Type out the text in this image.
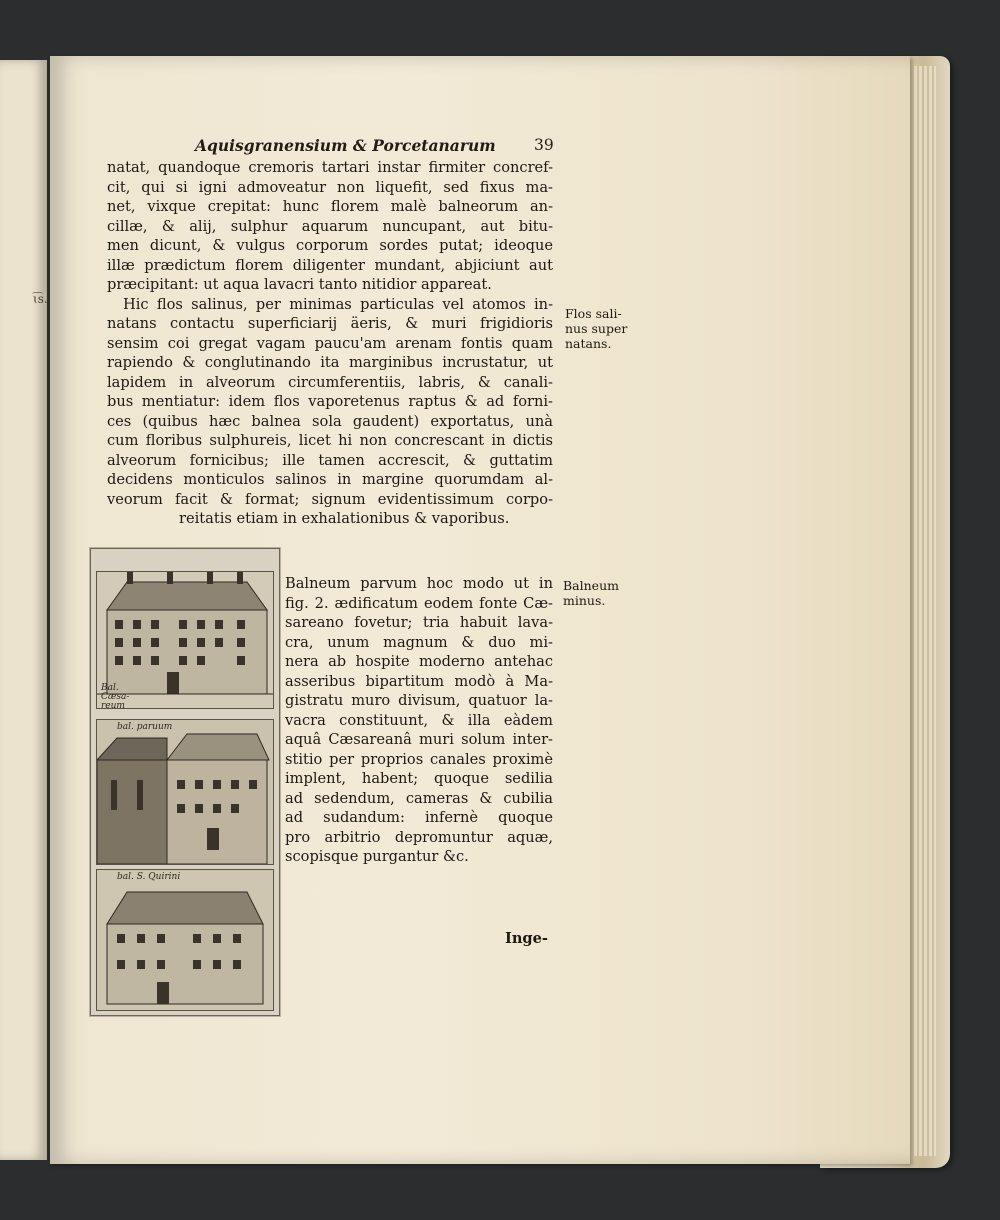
ɩ͡s.
Aquisgranensium & Porcetanarum	39
natat, quandoque cremoris tartari instar firmiter concref-
cit, qui si igni admoveatur non liquefit, sed fixus ma-
net, vixque crepitat: hunc florem malè balneorum an-
cillæ, & alij, sulphur aquarum nuncupant, aut bitu-
men dicunt, & vulgus corporum sordes putat; ideoque
illæ prædictum florem diligenter mundant, abjiciunt aut
præcipitant: ut aqua lavacri tanto nitidior appareat.
Hic flos salinus, per minimas particulas vel atomos in-
natans contactu superficiarij äeris, & muri frigidioris
sensim coi gregat vagam paucu'am arenam fontis quam
rapiendo & conglutinando ita marginibus incrustatur, ut
lapidem in alveorum circumferentiis, labris, & canali-
bus mentiatur: idem flos vaporetenus raptus & ad forni-
ces (quibus hæc balnea sola gaudent) exportatus, unà
cum floribus sulphureis, licet hi non concrescant in dictis
alveorum fornicibus; ille tamen accrescit, & guttatim
decidens monticulos salinos in margine quorumdam al-
veorum facit & format; signum evidentissimum corpo-
reitatis etiam in exhalationibus & vaporibus.
Flos sali-
nus super
natans.
Bal. Cæsa- reum
bal. paruum
bal. S. Quirini
Balneum parvum hoc modo ut in
fig. 2. ædificatum eodem fonte Cæ-
sareano fovetur; tria habuit lava-
cra, unum magnum & duo mi-
nera ab hospite moderno antehac
asseribus bipartitum modò à Ma-
gistratu muro divisum, quatuor la-
vacra constituunt, & illa eàdem
aquâ Cæsareanâ muri solum inter-
stitio per proprios canales proximè
implent, habent; quoque sedilia
ad sedendum, cameras & cubilia
ad sudandum: infernè quoque
pro arbitrio depromuntur aquæ,
scopisque purgantur &c.
Balneum
minus.
Inge-
